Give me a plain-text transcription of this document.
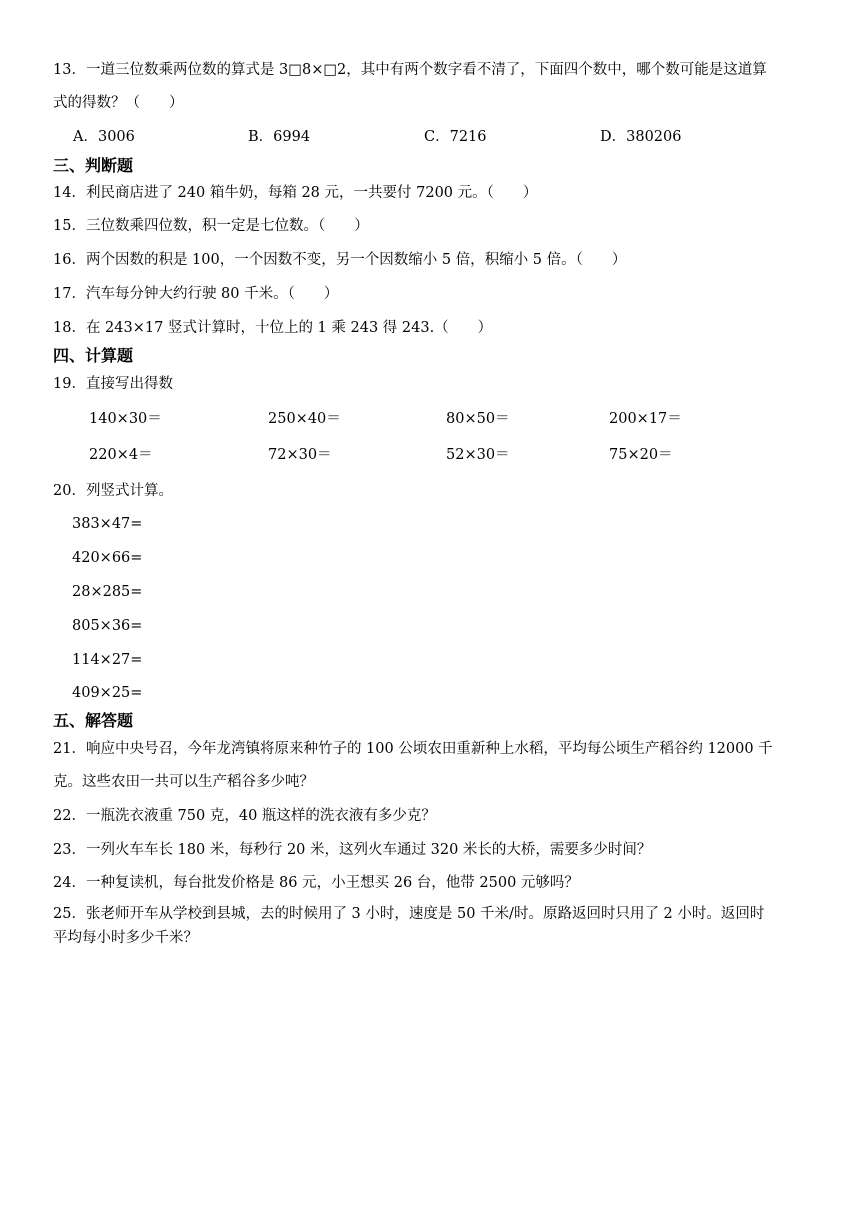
13．一道三位数乘两位数的算式是 3□8×□2，其中有两个数字看不清了，下面四个数中，哪个数可能是这道算
式的得数？（　　）
A．3006	B．6994	C．7216	D．380206
三、判断题
14．利民商店进了 240 箱牛奶，每箱 28 元，一共要付 7200 元。（　　）
15．三位数乘四位数，积一定是七位数。（　　）
16．两个因数的积是 100，一个因数不变，另一个因数缩小 5 倍，积缩小 5 倍。（　　）
17．汽车每分钟大约行驶 80 千米。（　　）
18．在 243×17 竖式计算时，十位上的 1 乘 243 得 243.（　　）
四、计算题
19．直接写出得数
140×30＝	250×40＝	80×50＝	200×17＝
220×4＝	72×30＝	52×30＝	75×20＝
20．列竖式计算。
383×47=
420×66=
28×285=
805×36=
114×27=
409×25=
五、解答题
21．响应中央号召，今年龙湾镇将原来种竹子的 100 公顷农田重新种上水稻，平均每公顷生产稻谷约 12000 千
克。这些农田一共可以生产稻谷多少吨？
22．一瓶洗衣液重 750 克，40 瓶这样的洗衣液有多少克？
23．一列火车车长 180 米，每秒行 20 米，这列火车通过 320 米长的大桥，需要多少时间？
24．一种复读机，每台批发价格是 86 元，小王想买 26 台，他带 2500 元够吗？
25．张老师开车从学校到县城，去的时候用了 3 小时，速度是 50 千米/时。原路返回时只用了 2 小时。返回时
平均每小时多少千米？
